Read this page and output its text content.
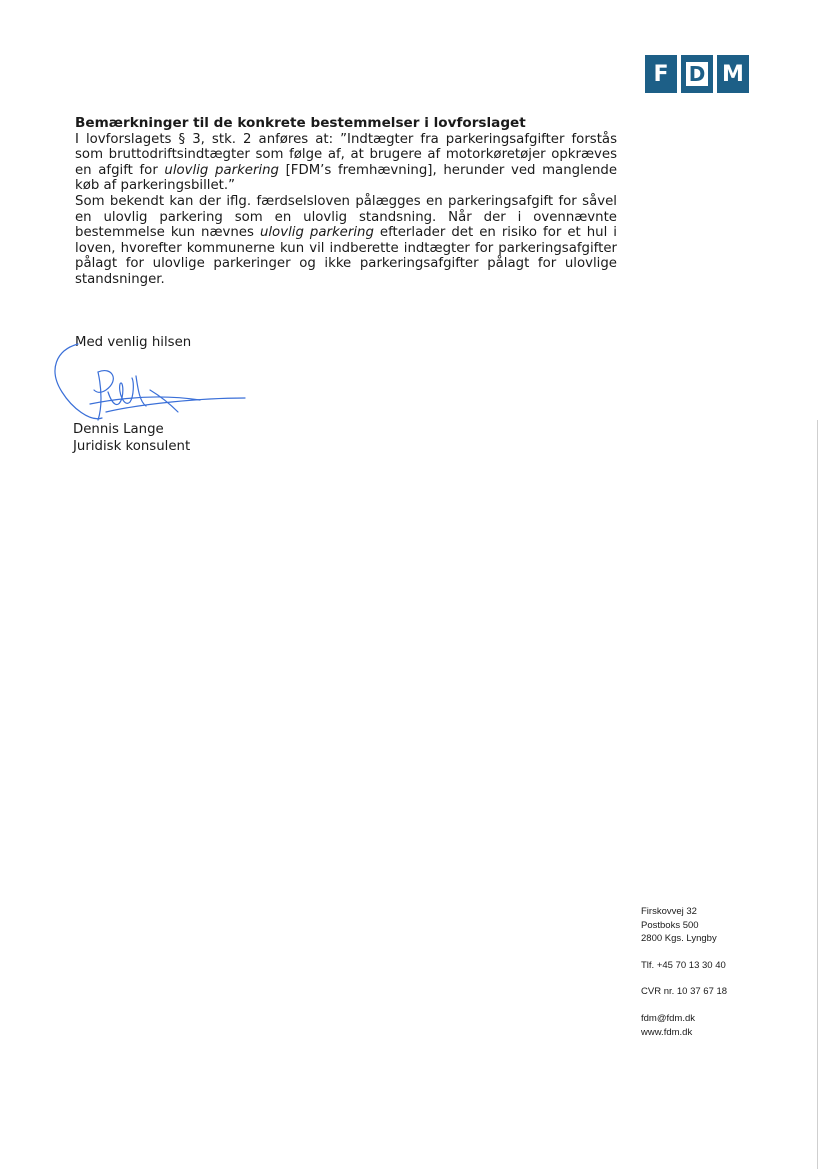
F	D M

Bemærkninger til de konkrete bestemmelser i lovforslaget

I lovforslagets § 3, stk. 2 anføres at: ”Indtægter fra parkeringsafgifter forstås som bruttodriftsindtægter som følge af, at brugere af motorkøretøjer opkræves en afgift for ulovlig parkering [FDM’s fremhævning], herunder ved manglende køb af parkeringsbillet.”

Som bekendt kan der iflg. færdselsloven pålægges en parkeringsafgift for såvel en ulovlig parkering som en ulovlig standsning. Når der i ovennævnte bestemmelse kun nævnes ulovlig parkering efterlader det en risiko for et hul i loven, hvorefter kommunerne kun vil indberette indtægter for parkeringsafgifter pålagt for ulovlige parkeringer og ikke parkeringsafgifter pålagt for ulovlige standsninger.

Med venlig hilsen
Dennis Lange
Juridisk konsulent
Firskovvej 32
Postboks 500
2800 Kgs. Lyngby
Tlf. +45 70 13 30 40
CVR nr. 10 37 67 18
fdm@fdm.dk
www.fdm.dk
